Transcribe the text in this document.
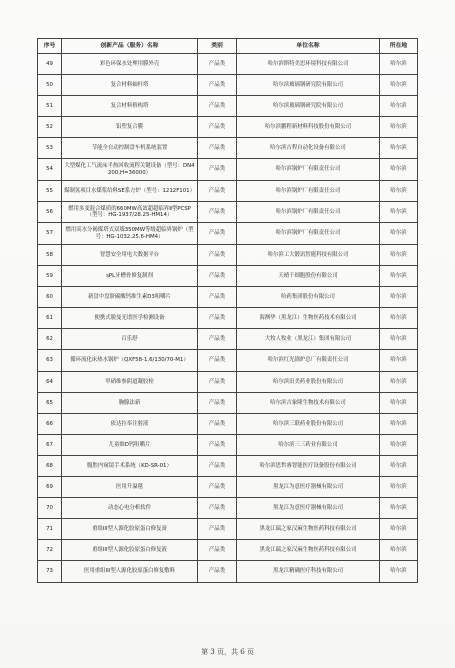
序号	创新产品（服务）名称	类别	单位名称	所在地
49	彩色环保水处理用膜外壳	产品类	哈尔滨斯特美思环境科技有限公司	哈尔滨
50	复合材料轴杆塔	产品类	哈尔滨玻璃钢研究院有限公司	哈尔滨
51	复合材料格构塔	产品类	哈尔滨玻璃钢研究院有限公司	哈尔滨
52	铝塑复合膜	产品类	哈尔滨鹏程新材料科技股份有限公司	哈尔滨
53	节能全自动控制盘车机系统装置	产品类	哈尔滨吉程自动化设备有限公司	哈尔滨
54	大型煤化工气流床半热回收流程关键设备（型号：DN4200,H=36000）	产品类	哈尔滨锅炉厂有限责任公司	哈尔滨
55	煤制氢项目水煤浆给料SE系方炉（型号：1212F101）	产品类	哈尔滨锅炉厂有限责任公司	哈尔滨
56	燃用多变混合煤质的660MW高效超超临界Ⅱ型PCSP（型号：HG-1937/28.25-HM14）	产品类	哈尔滨锅炉厂有限责任公司	哈尔滨
57	燃用高水分褐煤塔式双墙350MW等级超临界锅炉（型号：HG-1032.25.6-HM4）	产品类	哈尔滨锅炉厂有限责任公司	哈尔滨
58	智慧安全用电大数据平台	产品类	哈尔滨工大锻讯智能科技有限公司	哈尔滨
59	sPL牙槽骨修复制剂	产品类	天晴千细胞股份有限公司	哈尔滨
60	新盘中盘脐碳酸钙维生素D3咀嚼片	产品类	哈药集团股份有限公司	哈尔滨
61	便携式脱曼光谱医学检测设备	产品类	海澳华（黑龙江）生物医药技术有限公司	哈尔滨
62	百乐舒	产品类	大牧人牧业（黑龙江）集团有限公司	哈尔滨
63	循环流化床热水锅炉（QXF58-1.6/130/70-M1）	产品类	哈尔滨红光锅炉总厂有限责任公司	哈尔滨
64	甲硝维参阴道凝胶栓	产品类	哈尔滨田美药业股份有限公司	哈尔滨
65	胸腺法新	产品类	哈尔滨吉象隆生物技术有限公司	哈尔滨
66	依达拉奉注射液	产品类	哈尔滨三联药业股份有限公司	哈尔滨
67	儿童维D钙咀嚼片	产品类	哈尔滨三三药业有限公司	哈尔滨
68	腹腔内窥镜手术系统（KD-SR-01）	产品类	哈尔滨思哲睿智能医疗设备股份有限公司	哈尔滨
69	医用升温毯	产品类	黑龙江为意医疗器械有限公司	哈尔滨
70	动态心电分析软件	产品类	黑龙江为意医疗器械有限公司	哈尔滨
71	重组III型人源化胶原蛋白修复膏	产品类	黑龙江瑞之家汉麻生物医药科技有限公司	哈尔滨
72	重组III型人源化胶原蛋白修复液	产品类	黑龙江瑞之家汉麻生物医药科技有限公司	哈尔滨
73	医用重组III型人源化胶原蛋白修复敷料	产品类	黑龙江精确医疗科技有限公司	哈尔滨
第 3 页，共 6 页
